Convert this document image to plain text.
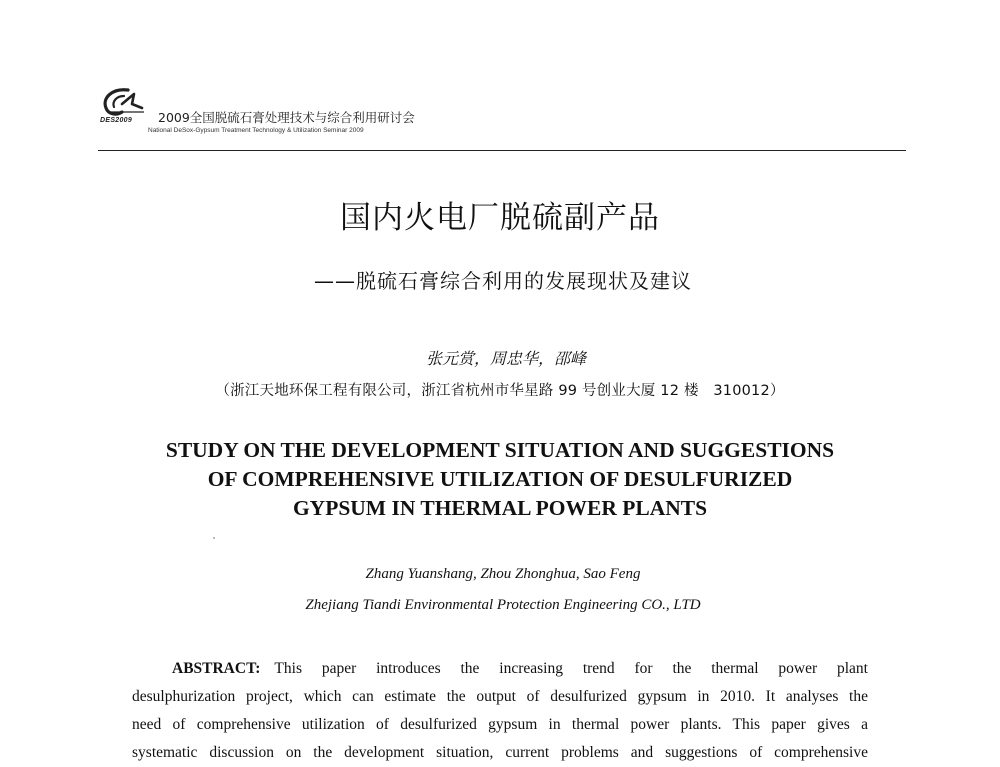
DES2009 2009全国脱硫石膏处理技术与综合利用研讨会
National DeSox-Gypsum Treatment Technology & Utilization Seminar 2009
国内火电厂脱硫副产品
——脱硫石膏综合利用的发展现状及建议
张元赏，周忠华，邵峰
（浙江天地环保工程有限公司，浙江省杭州市华星路 99 号创业大厦 12 楼　310012）
STUDY ON THE DEVELOPMENT SITUATION AND SUGGESTIONS
OF COMPREHENSIVE UTILIZATION OF DESULFURIZED
GYPSUM IN THERMAL POWER PLANTS
Zhang Yuanshang, Zhou Zhonghua, Sao Feng
Zhejiang Tiandi Environmental Protection Engineering CO., LTD
ABSTRACT: This paper introduces the increasing trend for the thermal power plant
desulphurization project, which can estimate the output of desulfurized gypsum in 2010. It analyses the
need of comprehensive utilization of desulfurized gypsum in thermal power plants. This paper gives a
systematic discussion on the development situation, current problems and suggestions of comprehensive
